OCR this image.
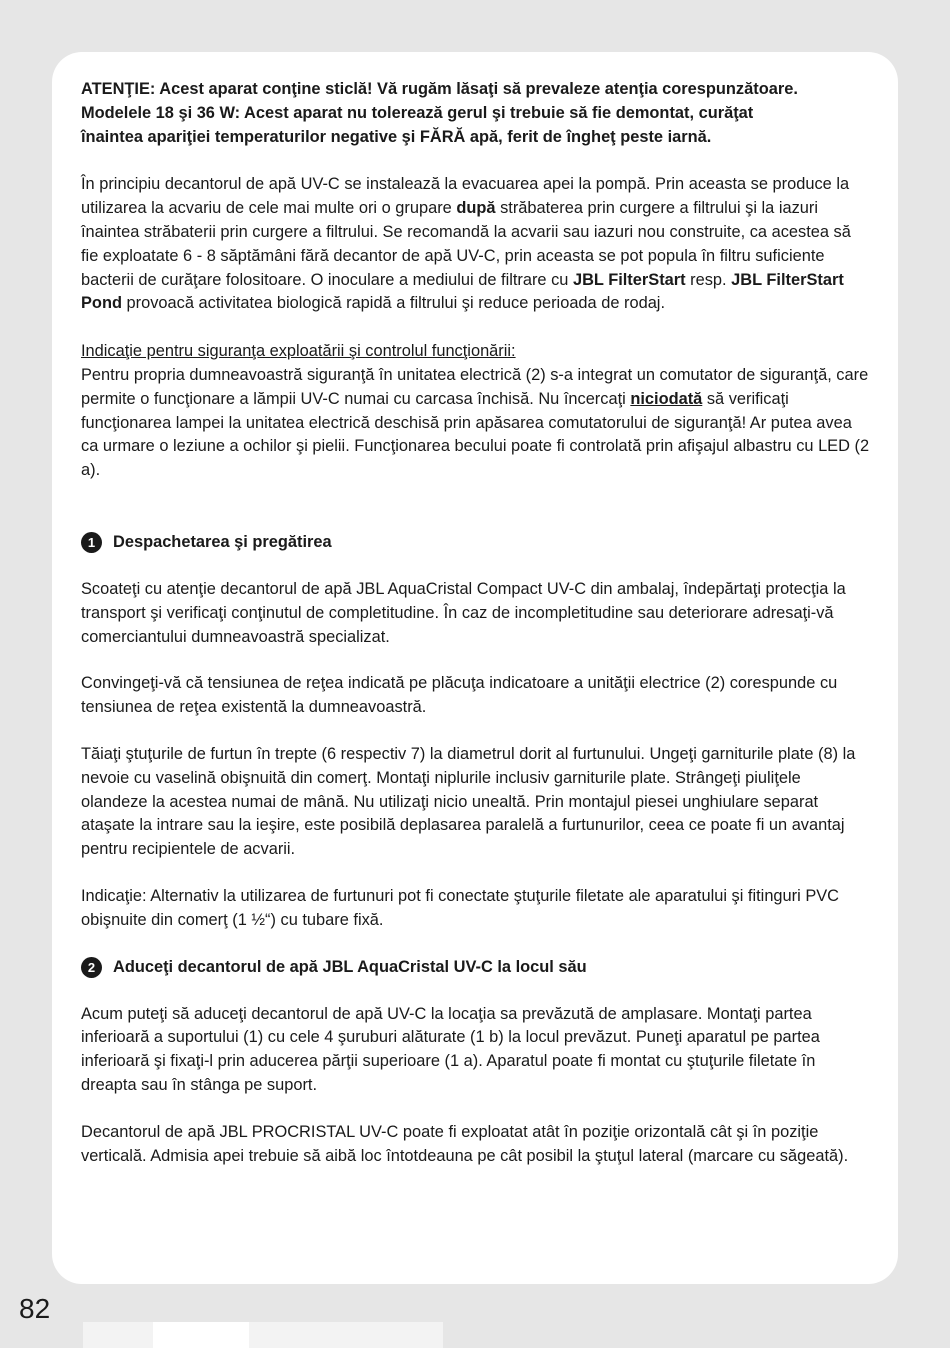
ATENŢIE: Acest aparat conţine sticlă! Vă rugăm lăsaţi să prevaleze atenţia corespunzătoare.

Modelele 18 şi 36 W: Acest aparat nu tolerează gerul şi trebuie să fie demontat, curăţat

înaintea apariţiei temperaturilor negative şi FĂRĂ apă, ferit de îngheţ peste iarnă.

În principiu decantorul de apă UV-C se instalează la evacuarea apei la pompă. Prin aceasta se produce la utilizarea la acvariu de cele mai multe ori o grupare după străbaterea prin curgere a filtrului şi la iazuri înaintea străbaterii prin curgere a filtrului. Se recomandă la acvarii sau iazuri nou construite, ca acestea să fie exploatate 6 - 8 săptămâni fără decantor de apă UV-C, prin aceasta se pot popula în filtru suficiente bacterii de curăţare folositoare. O inoculare a mediului de filtrare cu JBL FilterStart resp. JBL FilterStart Pond provoacă activitatea biologică rapidă a filtrului şi reduce perioada de rodaj.

Indicaţie pentru siguranţa exploatării şi controlul funcţionării:

Pentru propria dumneavoastră siguranţă în unitatea electrică (2) s-a integrat un comutator de siguranţă, care permite o funcţionare a lămpii UV-C numai cu carcasa închisă. Nu încercaţi niciodată să verificaţi funcţionarea lampei la unitatea electrică deschisă prin apăsarea comutatorului de siguranţă! Ar putea avea ca urmare o leziune a ochilor şi pielii. Funcţionarea becului poate fi controlată prin afişajul albastru cu LED (2 a).

1	Despachetarea şi pregătirea

Scoateţi cu atenţie decantorul de apă JBL AquaCristal Compact UV-C din ambalaj, îndepărtaţi protecţia la transport şi verificaţi conţinutul de completitudine. În caz de incompletitudine sau deteriorare adresaţi-vă comerciantului dumneavoastră specializat.

Convingeţi-vă că tensiunea de reţea indicată pe plăcuţa indicatoare a unităţii electrice (2) corespunde cu tensiunea de reţea existentă la dumneavoastră.

Tăiaţi ştuţurile de furtun în trepte (6 respectiv 7) la diametrul dorit al furtunului. Ungeţi garniturile plate (8) la nevoie cu vaselină obişnuită din comerţ. Montaţi niplurile inclusiv garniturile plate. Strângeţi piuliţele olandeze la acestea numai de mână. Nu utilizaţi nicio unealtă. Prin montajul piesei unghiulare separat ataşate la intrare sau la ieşire, este posibilă deplasarea paralelă a furtunurilor, ceea ce poate fi un avantaj pentru recipientele de acvarii.

Indicaţie: Alternativ la utilizarea de furtunuri pot fi conectate ştuţurile filetate ale aparatului şi fitinguri PVC obişnuite din comerţ (1 ½“) cu tubare fixă.

2	Aduceţi decantorul de apă JBL AquaCristal UV-C la locul său

Acum puteţi să aduceţi decantorul de apă UV-C la locaţia sa prevăzută de amplasare. Montaţi partea inferioară a suportului (1) cu cele 4 şuruburi alăturate (1 b) la locul prevăzut. Puneţi aparatul pe partea inferioară şi fixaţi-l prin aducerea părţii superioare (1 a). Aparatul poate fi montat cu ştuţurile filetate în dreapta sau în stânga pe suport.

Decantorul de apă JBL PROCRISTAL UV-C poate fi exploatat atât în poziţie orizontală cât şi în poziţie verticală. Admisia apei trebuie să aibă loc întotdeauna pe cât posibil la ştuţul lateral (marcare cu săgeată).

82
